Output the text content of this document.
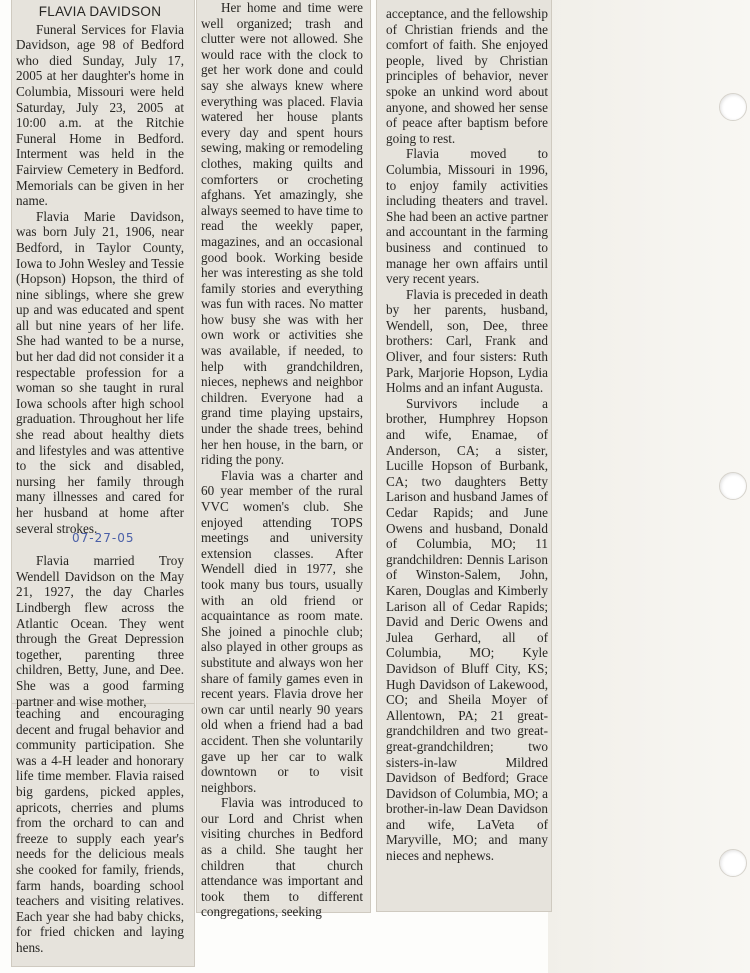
FLAVIA DAVIDSON

Funeral Services for Flavia Davidson, age 98 of Bedford who died Sunday, July 17, 2005 at her daughter's home in Columbia, Missouri were held Saturday, July 23, 2005 at 10:00 a.m. at the Ritchie Funeral Home in Bedford. Interment was held in the Fairview Cemetery in Bedford. Memorials can be given in her name.

Flavia Marie Davidson, was born July 21, 1906, near Bedford, in Taylor County, Iowa to John Wesley and Tessie (Hopson) Hopson, the third of nine siblings, where she grew up and was educated and spent all but nine years of her life. She had wanted to be a nurse, but her dad did not consider it a respectable profession for a woman so she taught in rural Iowa schools after high school graduation. Throughout her life she read about healthy diets and lifestyles and was attentive to the sick and disabled, nursing her family through many illnesses and cared for her husband at home after several strokes.

Flavia married Troy Wendell Davidson on the May 21, 1927, the day Charles Lindbergh flew across the Atlantic Ocean. They went through the Great Depression together, parenting three children, Betty, June, and Dee. She was a good farming partner and wise mother,

07-27-05

teaching and encouraging decent and frugal behavior and community participation. She was a 4-H leader and honorary life time member. Flavia raised big gardens, picked apples, apricots, cherries and plums from the orchard to can and freeze to supply each year's needs for the delicious meals she cooked for family, friends, farm hands, boarding school teachers and visiting relatives. Each year she had baby chicks, for fried chicken and laying hens.

Her home and time were well organized; trash and clutter were not allowed. She would race with the clock to get her work done and could say she always knew where everything was placed. Flavia watered her house plants every day and spent hours sewing, making or remodeling clothes, making quilts and comforters or crocheting afghans. Yet amazingly, she always seemed to have time to read the weekly paper, magazines, and an occasional good book. Working beside her was interesting as she told family stories and everything was fun with races. No matter how busy she was with her own work or activities she was available, if needed, to help with grandchildren, nieces, nephews and neighbor children. Everyone had a grand time playing upstairs, under the shade trees, behind her hen house, in the barn, or riding the pony.

Flavia was a charter and 60 year member of the rural VVC women's club. She enjoyed attending TOPS meetings and university extension classes. After Wendell died in 1977, she took many bus tours, usually with an old friend or acquaintance as room mate. She joined a pinochle club; also played in other groups as substitute and always won her share of family games even in recent years. Flavia drove her own car until nearly 90 years old when a friend had a bad accident. Then she voluntarily gave up her car to walk downtown or to visit neighbors.

Flavia was introduced to our Lord and Christ when visiting churches in Bedford as a child. She taught her children that church attendance was important and took them to different congregations, seeking

acceptance, and the fellowship of Christian friends and the comfort of faith. She enjoyed people, lived by Christian principles of behavior, never spoke an unkind word about anyone, and showed her sense of peace after baptism before going to rest.

Flavia moved to Columbia, Missouri in 1996, to enjoy family activities including theaters and travel. She had been an active partner and accountant in the farming business and continued to manage her own affairs until very recent years.

Flavia is preceded in death by her parents, husband, Wendell, son, Dee, three brothers: Carl, Frank and Oliver, and four sisters: Ruth Park, Marjorie Hopson, Lydia Holms and an infant Augusta.

Survivors include a brother, Humphrey Hopson and wife, Enamae, of Anderson, CA; a sister, Lucille Hopson of Burbank, CA; two daughters Betty Larison and husband James of Cedar Rapids; and June Owens and husband, Donald of Columbia, MO; 11 grandchildren: Dennis Larison of Winston-Salem, John, Karen, Douglas and Kimberly Larison all of Cedar Rapids; David and Deric Owens and Julea Gerhard, all of Columbia, MO; Kyle Davidson of Bluff City, KS; Hugh Davidson of Lakewood, CO; and Sheila Moyer of Allentown, PA; 21 great- grandchildren and two great-great-grandchildren; two sisters-in-law Mildred Davidson of Bedford; Grace Davidson of Columbia, MO; a brother-in-law Dean Davidson and wife, LaVeta of Maryville, MO; and many nieces and nephews.
